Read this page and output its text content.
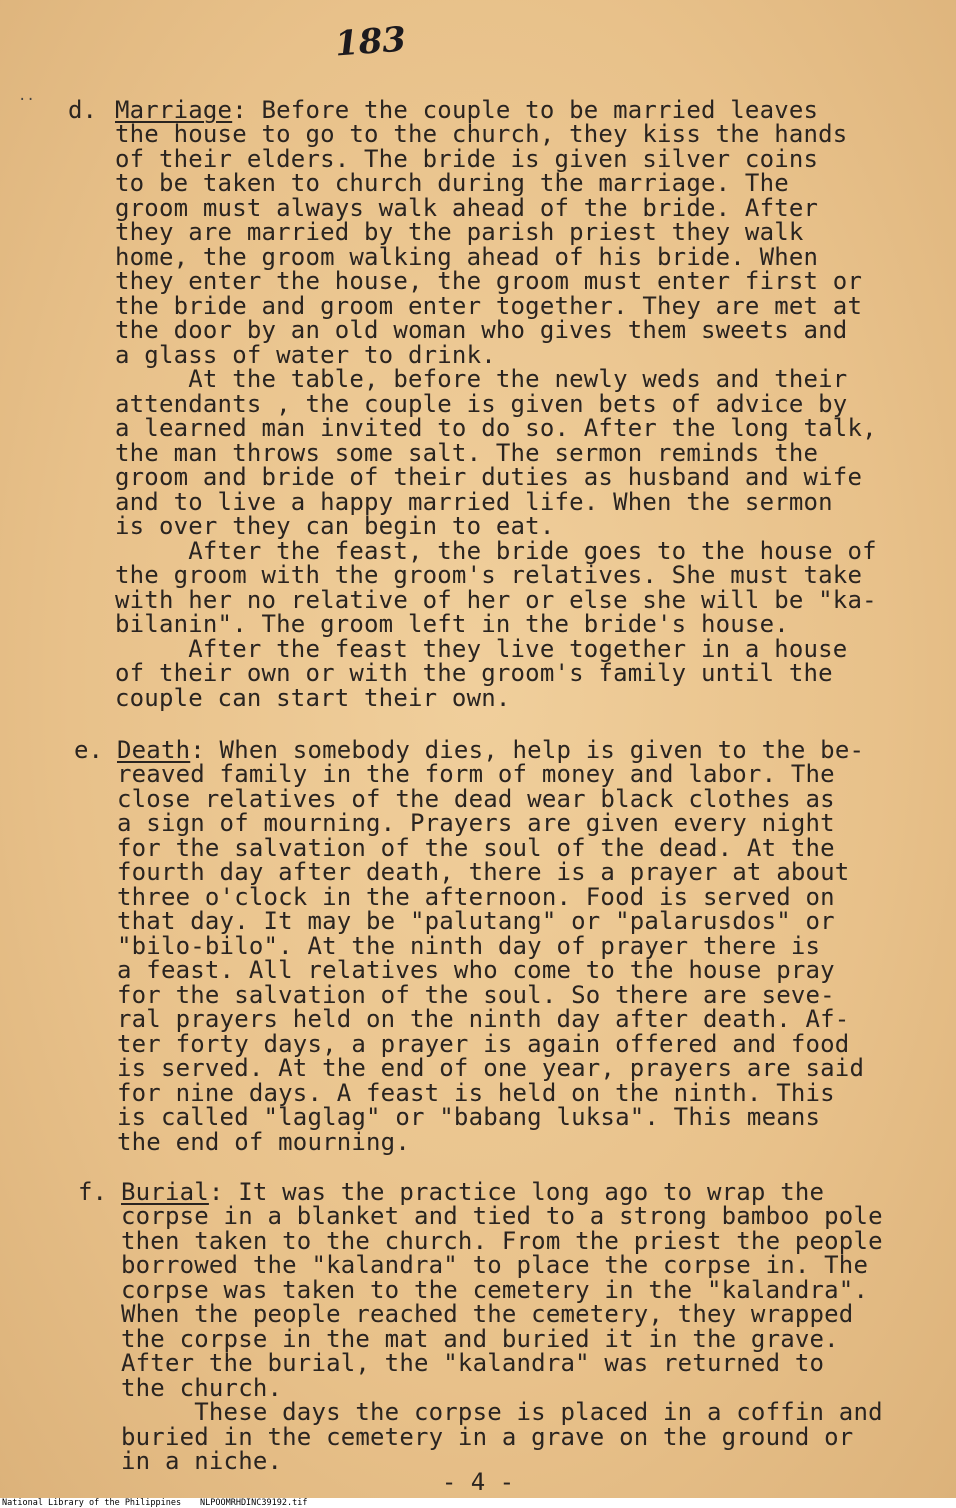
183
.. d. Marriage: Before the couple to be married leaves
the house to go to the church, they kiss the hands
of their elders. The bride is given silver coins
to be taken to church during the marriage. The
groom must always walk ahead of the bride. After
they are married by the parish priest they walk
home, the groom walking ahead of his bride. When
they enter the house, the groom must enter first or
the bride and groom enter together. They are met at
the door by an old woman who gives them sweets and
a glass of water to drink.
At the table, before the newly weds and their
attendants , the couple is given bets of advice by
a learned man invited to do so. After the long talk,
the man throws some salt. The sermon reminds the
groom and bride of their duties as husband and wife
and to live a happy married life. When the sermon
is over they can begin to eat.
After the feast, the bride goes to the house of
the groom with the groom's relatives. She must take
with her no relative of her or else she will be "ka-
bilanin". The groom left in the bride's house.
After the feast they live together in a house
of their own or with the groom's family until the
couple can start their own.
e. Death: When somebody dies, help is given to the be-
reaved family in the form of money and labor. The
close relatives of the dead wear black clothes as
a sign of mourning. Prayers are given every night
for the salvation of the soul of the dead. At the
fourth day after death, there is a prayer at about
three o'clock in the afternoon. Food is served on
that day. It may be "palutang" or "palarusdos" or
"bilo-bilo". At the ninth day of prayer there is
a feast. All relatives who come to the house pray
for the salvation of the soul. So there are seve-
ral prayers held on the ninth day after death. Af-
ter forty days, a prayer is again offered and food
is served. At the end of one year, prayers are said
for nine days. A feast is held on the ninth. This
is called "laglag" or "babang luksa". This means
the end of mourning.
f. Burial: It was the practice long ago to wrap the
corpse in a blanket and tied to a strong bamboo pole
then taken to the church. From the priest the people
borrowed the "kalandra" to place the corpse in. The
corpse was taken to the cemetery in the "kalandra".
When the people reached the cemetery, they wrapped
the corpse in the mat and buried it in the grave.
After the burial, the "kalandra" was returned to
the church.
These days the corpse is placed in a coffin and
buried in the cemetery in a grave on the ground or
in a niche.
- 4 -
National Library of the Philippines NLPOOMRHDINC39192.tif
